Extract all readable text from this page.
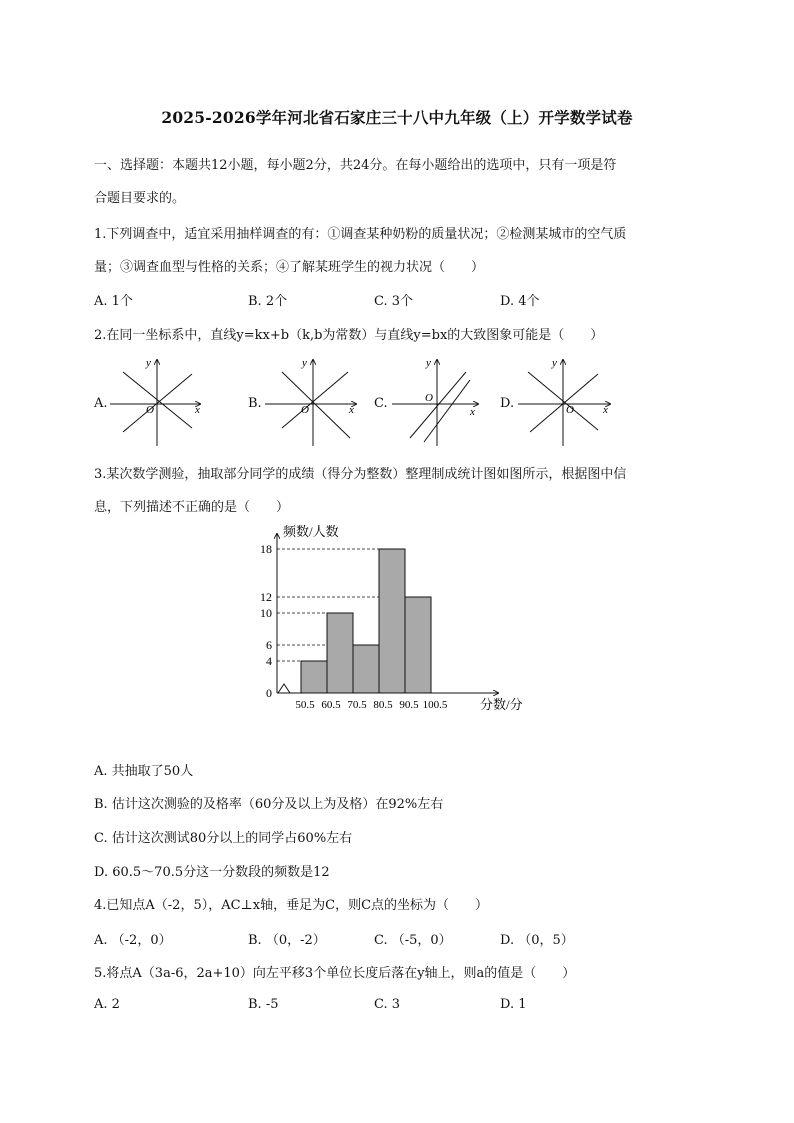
2025-2026学年河北省石家庄三十八中九年级（上）开学数学试卷
一、选择题：本题共12小题，每小题2分，共24分。在每小题给出的选项中，只有一项是符
合题目要求的。
1.下列调查中，适宜采用抽样调查的有：①调查某种奶粉的质量状况；②检测某城市的空气质
量；③调查血型与性格的关系；④了解某班学生的视力状况（　　）
A. 1个	B. 2个	C. 3个	D. 4个
2.在同一坐标系中，直线y=kx+b（k,b为常数）与直线y=bx的大致图象可能是（　　）
A.	B.	C.	D.
O	x
y
O	x
y
O
x
y
O	x
y
3.某次数学测验，抽取部分同学的成绩（得分为整数）整理制成统计图如图所示，根据图中信
息，下列描述不正确的是（　　）
频数/人数
分数/分
0
4
6
10
12
18
50.5 60.5 70.5 80.5 90.5 100.5
A. 共抽取了50人
B. 估计这次测验的及格率（60分及以上为及格）在92%左右
C. 估计这次测试80分以上的同学占60%左右
D. 60.5～70.5分这一分数段的频数是12
4.已知点A（-2，5），AC⊥x轴，垂足为C，则C点的坐标为（　　）
A. （-2，0）	B. （0，-2）	C. （-5，0）	D. （0，5）
5.将点A（3a-6，2a+10）向左平移3个单位长度后落在y轴上，则a的值是（　　）
A. 2	B. -5	C. 3	D. 1
